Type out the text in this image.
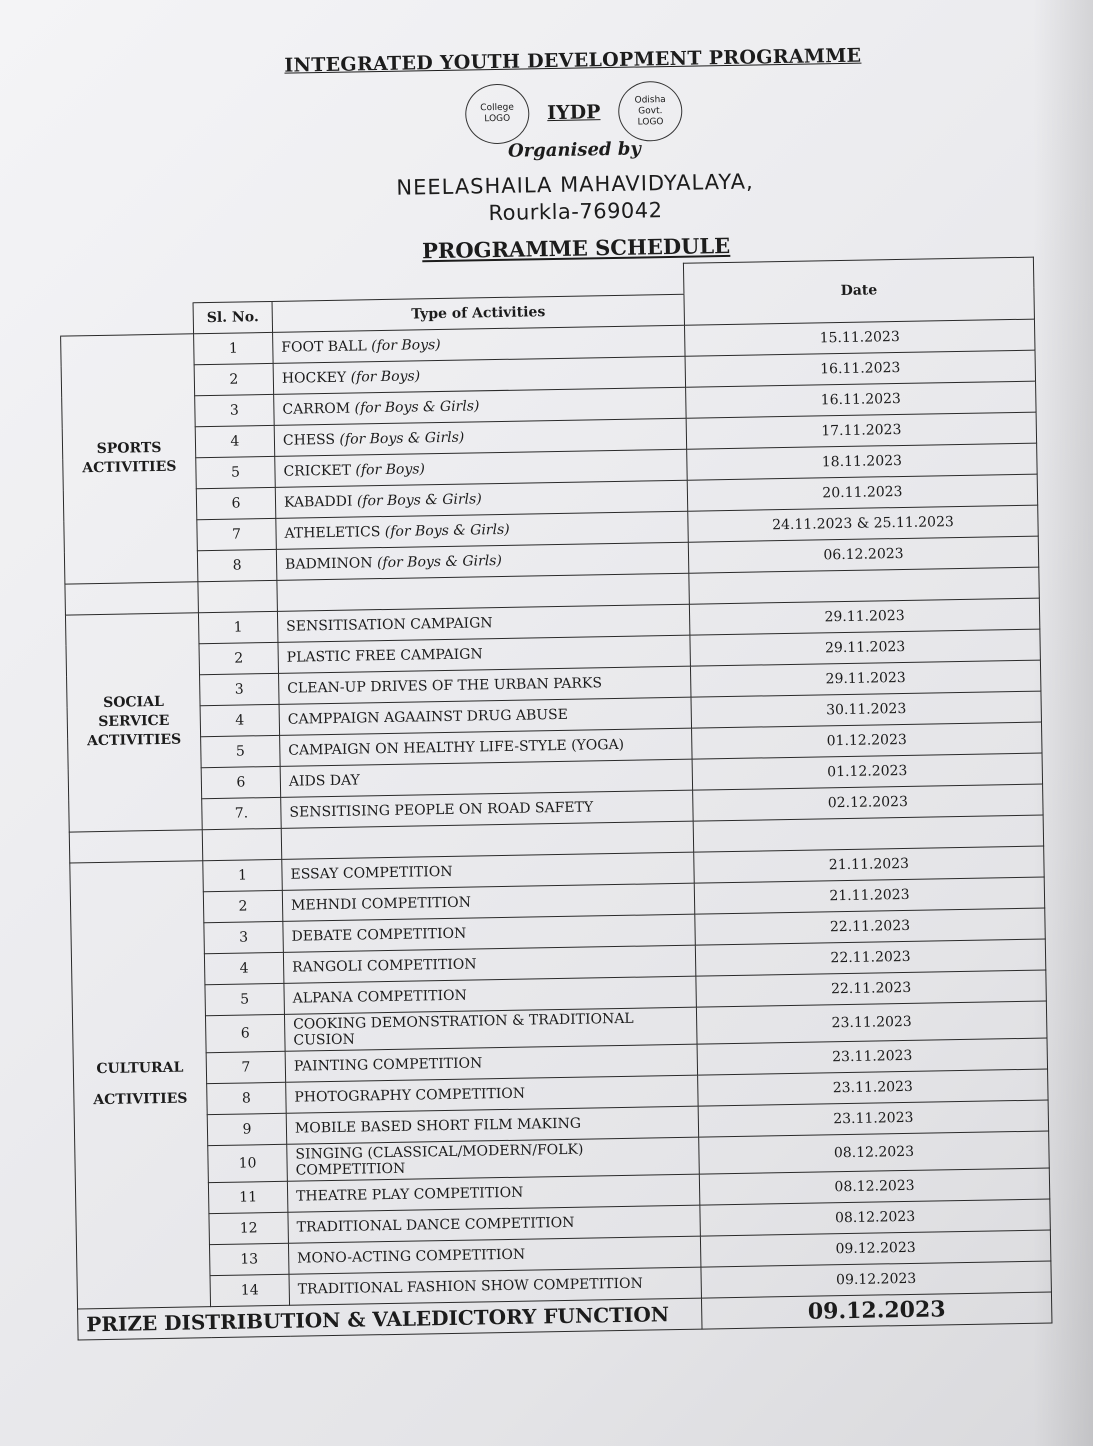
INTEGRATED YOUTH DEVELOPMENT PROGRAMME
College
LOGO IYDP
Odisha
Govt.
LOGO
Organised by
NEELASHAILA MAHAVIDYALAYA,
Rourkla-769042
PROGRAMME SCHEDULE
			Date
	Sl. No.	Type of Activities	

SPORTS
ACTIVITIES	1	FOOT BALL (for Boys)	15.11.2023
	2	HOCKEY (for Boys)	16.11.2023
	3	CARROM (for Boys & Girls)	16.11.2023
	4	CHESS (for Boys & Girls)	17.11.2023
	5	CRICKET (for Boys)	18.11.2023
	6	KABADDI (for Boys & Girls)	20.11.2023
	7	ATHELETICS (for Boys & Girls)	24.11.2023 & 25.11.2023
	8	BADMINON (for Boys & Girls)	06.12.2023

SOCIAL
SERVICE
ACTIVITIES	1	SENSITISATION CAMPAIGN	29.11.2023
	2	PLASTIC FREE CAMPAIGN	29.11.2023
	3	CLEAN-UP DRIVES OF THE URBAN PARKS	29.11.2023
	4	CAMPPAIGN AGAAINST DRUG ABUSE	30.11.2023
	5	CAMPAIGN ON HEALTHY LIFE-STYLE (YOGA)	01.12.2023
	6	AIDS DAY	01.12.2023
	7.	SENSITISING PEOPLE ON ROAD SAFETY	02.12.2023

CULTURAL
ACTIVITIES	1	ESSAY COMPETITION	21.11.2023
	2	MEHNDI COMPETITION	21.11.2023
	3	DEBATE COMPETITION	22.11.2023
	4	RANGOLI COMPETITION	22.11.2023
	5	ALPANA COMPETITION	22.11.2023
	6	COOKING DEMONSTRATION & TRADITIONAL CUSION	23.11.2023
	7	PAINTING COMPETITION	23.11.2023
	8	PHOTOGRAPHY COMPETITION	23.11.2023
	9	MOBILE BASED SHORT FILM MAKING	23.11.2023
	10	SINGING (CLASSICAL/MODERN/FOLK) COMPETITION	08.12.2023
	11	THEATRE PLAY COMPETITION	08.12.2023
	12	TRADITIONAL DANCE COMPETITION	08.12.2023
	13	MONO-ACTING COMPETITION	09.12.2023
	14	TRADITIONAL FASHION SHOW COMPETITION	09.12.2023
PRIZE DISTRIBUTION & VALEDICTORY FUNCTION			09.12.2023
